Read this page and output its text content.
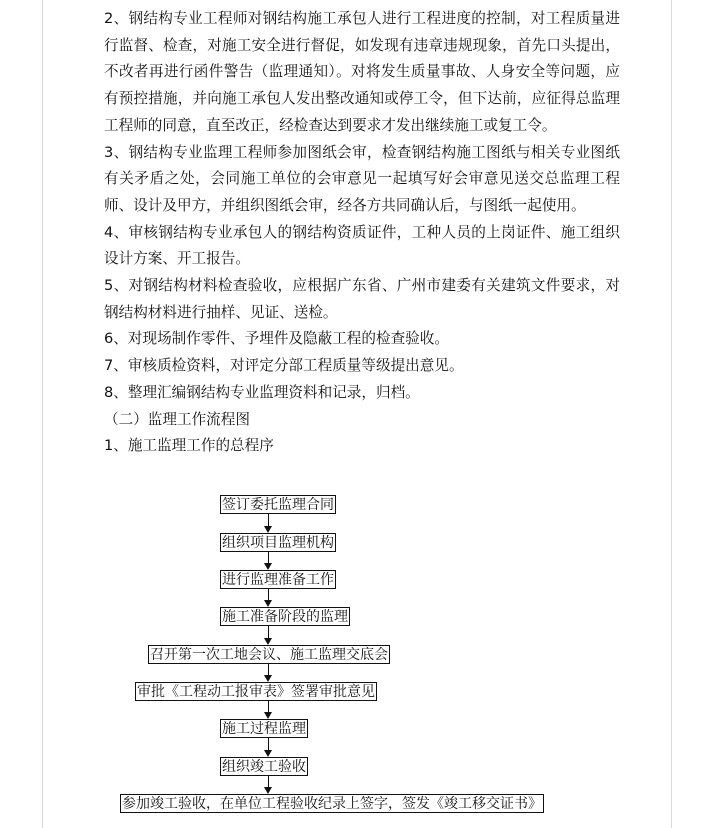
2、钢结构专业工程师对钢结构施工承包人进行工程进度的控制，对工程质量进行监督、检查，对施工安全进行督促，如发现有违章违规现象，首先口头提出，不改者再进行函件警告（监理通知）。对将发生质量事故、人身安全等问题，应有预控措施，并向施工承包人发出整改通知或停工令，但下达前，应征得总监理工程师的同意，直至改正，经检查达到要求才发出继续施工或复工令。

3、钢结构专业监理工程师参加图纸会审，检查钢结构施工图纸与相关专业图纸有关矛盾之处，会同施工单位的会审意见一起填写好会审意见送交总监理工程师、设计及甲方，并组织图纸会审，经各方共同确认后，与图纸一起使用。

4、审核钢结构专业承包人的钢结构资质证件，工种人员的上岗证件、施工组织设计方案、开工报告。

5、对钢结构材料检查验收，应根据广东省、广州市建委有关建筑文件要求，对钢结构材料进行抽样、见证、送检。

6、对现场制作零件、予埋件及隐蔽工程的检查验收。

7、审核质检资料，对评定分部工程质量等级提出意见。

8、整理汇编钢结构专业监理资料和记录，归档。

（二）监理工作流程图

1、施工监理工作的总程序

签订委托监理合同
组织项目监理机构
进行监理准备工作
施工准备阶段的监理
召开第一次工地会议、施工监理交底会
审批《工程动工报审表》签署审批意见
施工过程监理
组织竣工验收
参加竣工验收，在单位工程验收纪录上签字，签发《竣工移交证书》
